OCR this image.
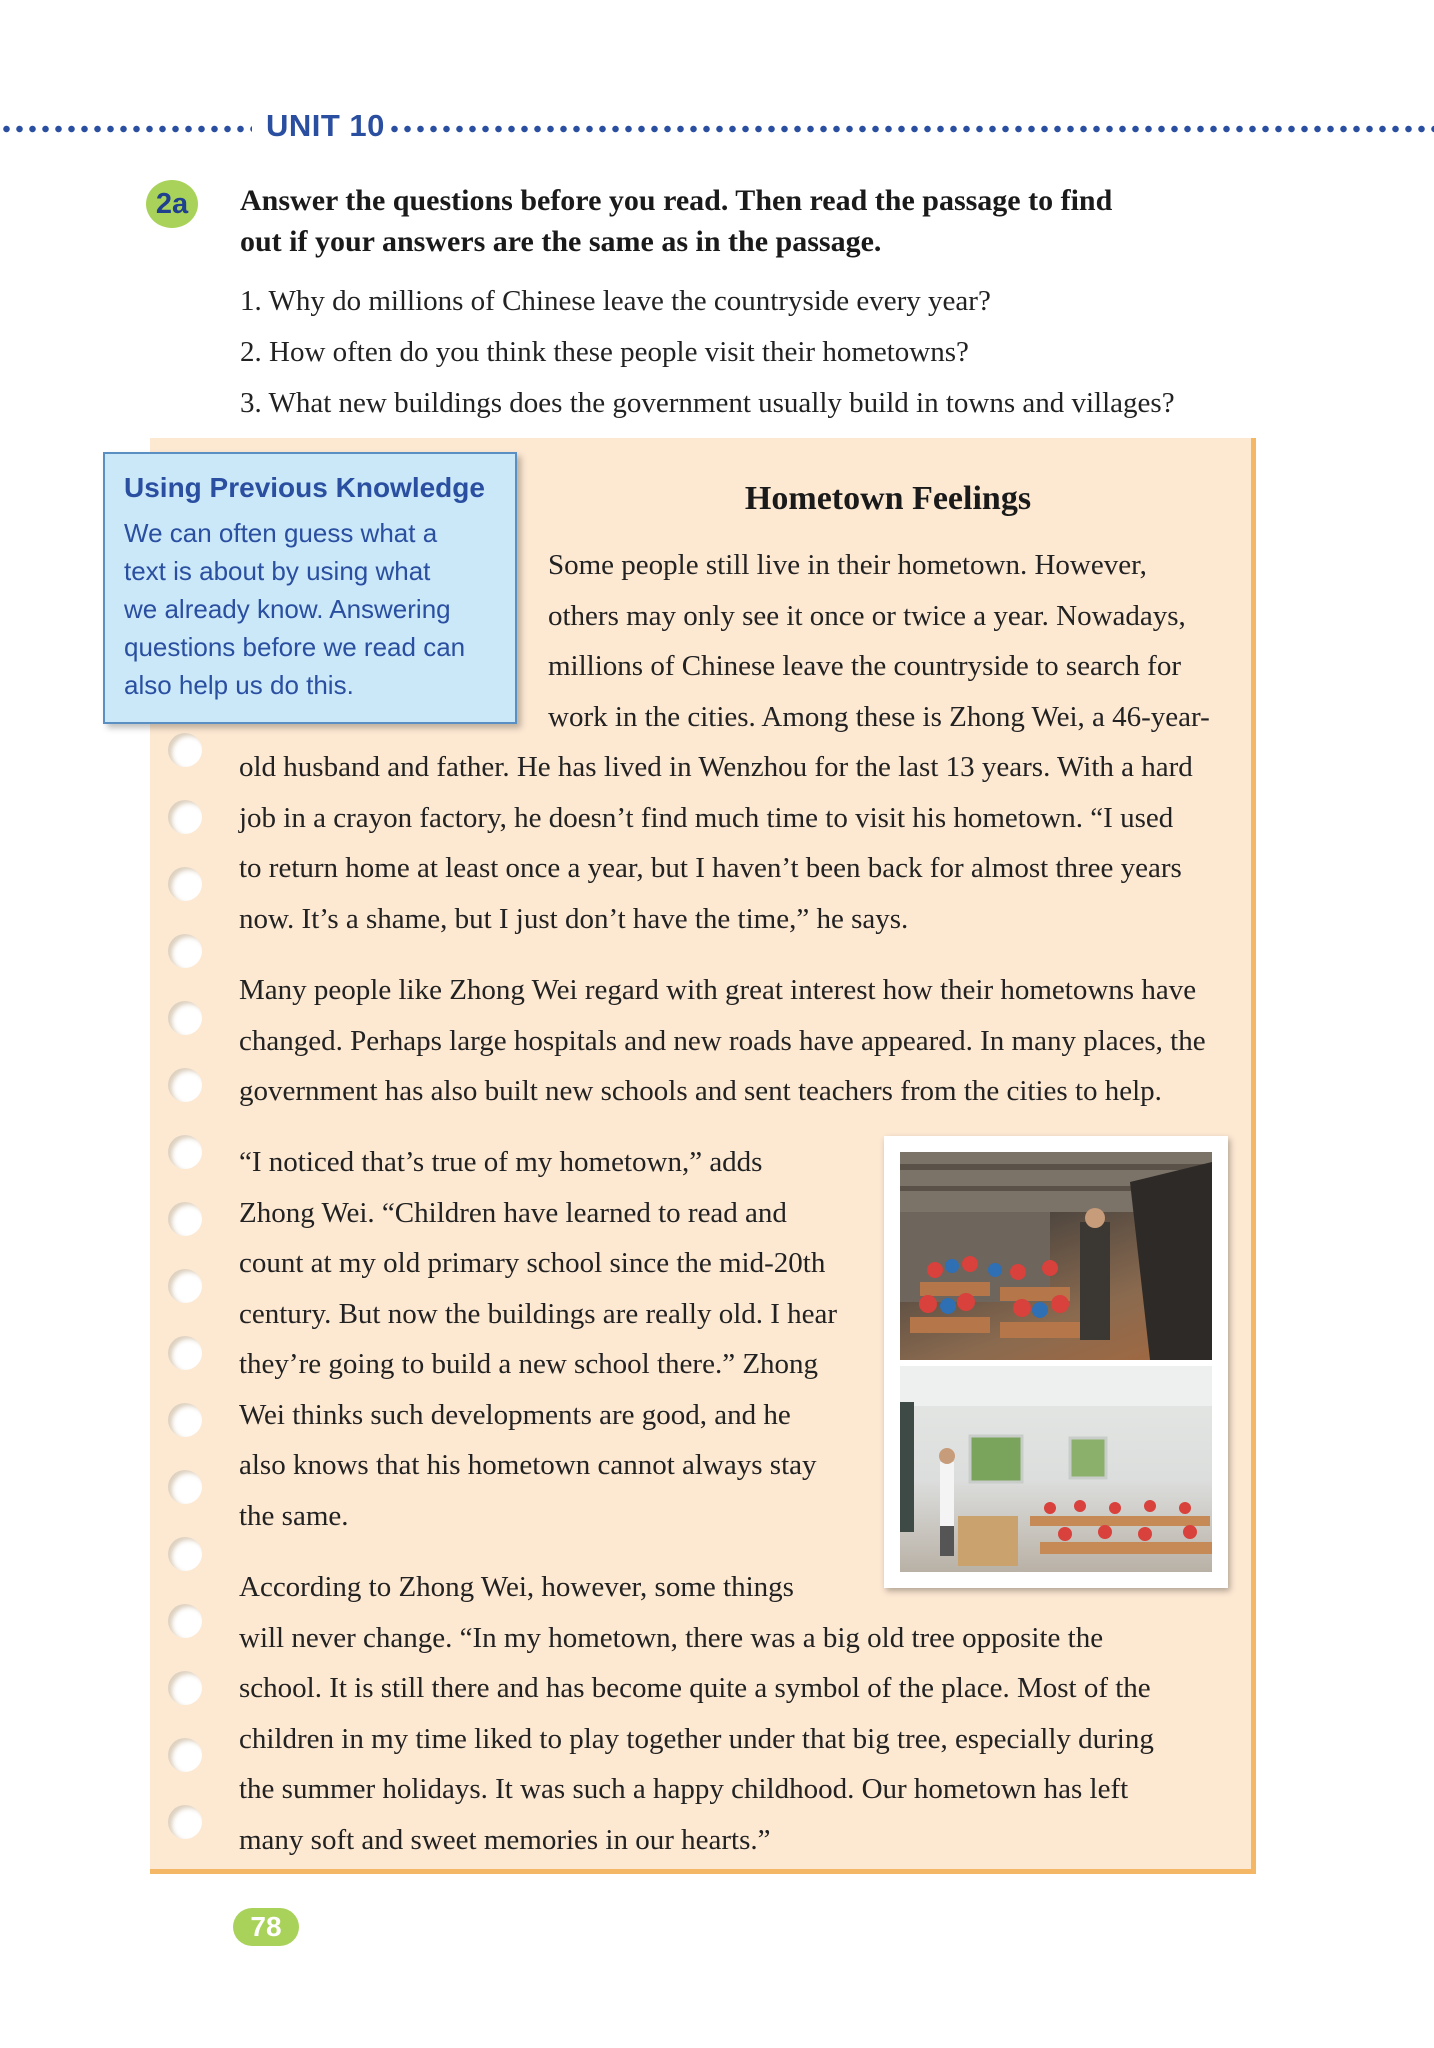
UNIT 10
2a	Answer the questions before you read. Then read the passage to find
out if your answers are the same as in the passage.
1. Why do millions of Chinese leave the countryside every year?
2. How often do you think these people visit their hometowns?
3. What new buildings does the government usually build in towns and villages?
Using Previous Knowledge
We can often guess what a
text is about by using what
we already know. Answering
questions before we read can
also help us do this.
Hometown Feelings
Some people still live in their hometown. However,
others may only see it once or twice a year. Nowadays,
millions of Chinese leave the countryside to search for
work in the cities. Among these is Zhong Wei, a 46-year-
old husband and father. He has lived in Wenzhou for the last 13 years. With a hard
job in a crayon factory, he doesn’t find much time to visit his hometown. “I used
to return home at least once a year, but I haven’t been back for almost three years
now. It’s a shame, but I just don’t have the time,” he says.
Many people like Zhong Wei regard with great interest how their hometowns have
changed. Perhaps large hospitals and new roads have appeared. In many places, the
government has also built new schools and sent teachers from the cities to help.
“I noticed that’s true of my hometown,” adds
Zhong Wei. “Children have learned to read and
count at my old primary school since the mid-20th
century. But now the buildings are really old. I hear
they’re going to build a new school there.” Zhong
Wei thinks such developments are good, and he
also knows that his hometown cannot always stay
the same.
According to Zhong Wei, however, some things
will never change. “In my hometown, there was a big old tree opposite the
school. It is still there and has become quite a symbol of the place. Most of the
children in my time liked to play together under that big tree, especially during
the summer holidays. It was such a happy childhood. Our hometown has left
many soft and sweet memories in our hearts.”
78
